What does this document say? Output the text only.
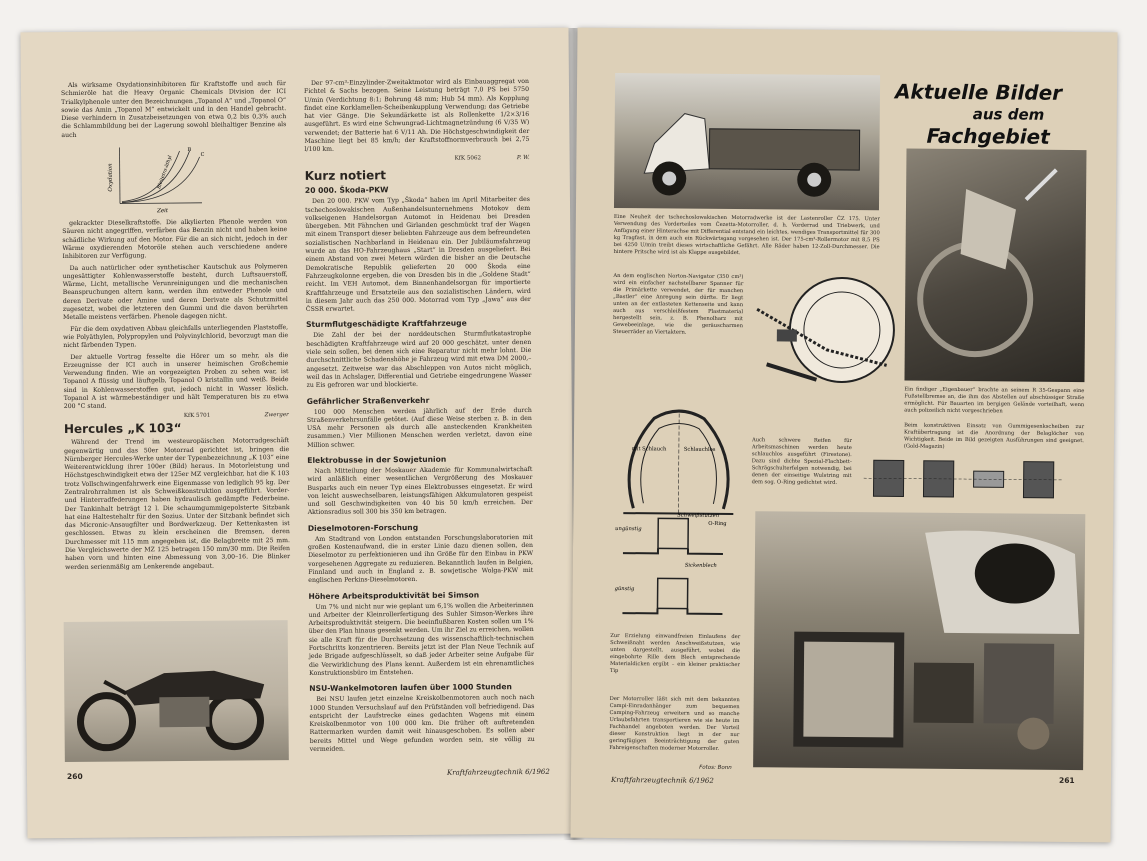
Als wirksame Oxydationsinhibitoren für Kraftstoffe und auch für Schmieröle hat die Heavy Organic Chemicals Division der ICI Trialkylphenole unter den Bezeichnungen „Topanol A“ und „Topanol O“ sowie das Amin „Topanol M“ entwickelt und in den Handel gebracht. Diese verhindern in Zusatzbeisetzungen von etwa 0,2 bis 0,3% auch die Schlammbildung bei der Lagerung sowohl bleihaltiger Benzine als auch

Oxydation
Zeit
Bleitetra-äthyl
B
C

gekrackter Dieselkraftstoffe. Die alkylierten Phenole werden von Säuren nicht angegriffen, verfärben das Benzin nicht und haben keine schädliche Wirkung auf den Motor. Für die an sich nicht, jedoch in der Wärme oxydierenden Motoröle stehen auch verschiedene andere Inhibitoren zur Verfügung.

Da auch natürlicher oder synthetischer Kautschuk aus Polymeren ungesättigter Kohlenwasserstoffe besteht, durch Luftsauerstoff, Wärme, Licht, metallische Verunreinigungen und die mechanischen Beanspruchungen altern kann, werden ihm entweder Phenole und deren Derivate oder Amine und deren Derivate als Schutzmittel zugesetzt, wobei die letzteren den Gummi und die davon berührten Metalle meistens verfärben. Phenole dagegen nicht.

Für die dem oxydativen Abbau gleichfalls unterliegenden Plaststoffe, wie Polyäthylen, Polypropylen und Polyvinylchlorid, bevorzugt man die nicht färbenden Typen.

Der aktuelle Vortrag fesselte die Hörer um so mehr, als die Erzeugnisse der ICI auch in unserer heimischen Großchemie Verwendung finden. Wie an vorgezeigten Proben zu sehen war, ist Topanol A flüssig und läuftgelb, Topanol O kristallin und weiß. Beide sind in Kohlenwasserstoffen gut, jedoch nicht in Wasser löslich. Topanol A ist wärmebeständiger und hält Temperaturen bis zu etwa 200 °C stand.

KfK 5701	Zwerger
Hercules „K 103“

Während der Trend im westeuropäischen Motorradgeschäft gegenwärtig und das 50er Motorrad gerichtet ist, bringen die Nürnberger Hercules-Werke unter der Typenbezeichnung „K 103“ eine Weiterentwicklung ihrer 100er (Bild) heraus. In Motorleistung und Höchstgeschwindigkeit etwa der 125er MZ vergleichbar, hat die K 103 trotz Vollschwingenfahrwerk eine Eigenmasse von lediglich 95 kg. Der Zentralrohrrahmen ist als Schweißkonstruktion ausgeführt. Vorder- und Hinterradfederungen haben hydraulisch gedämpfte Federbeine. Der Tankinhalt beträgt 12 l. Die schaumgummigepolsterte Sitzbank hat eine Haltestehaltr für den Sozius. Unter der Sitzbank befindet sich das Micronic-Ansaugfilter und Bordwerkzeug. Der Kettenkasten ist geschlossen. Etwas zu klein erscheinen die Bremsen, deren Durchmesser mit 115 mm angegeben ist, die Belagbreite mit 25 mm. Die Vergleichswerte der MZ 125 betragen 150 mm/30 mm. Die Reifen haben vorn und hinten eine Abmessung von 3,00–16. Die Blinker werden serienmäßig am Lenkerende angebaut.

Der 97-cm³-Einzylinder-Zweitaktmotor wird als Einbauaggregat von Fichtel & Sachs bezogen. Seine Leistung beträgt 7,0 PS bei 5750 U/min (Verdichtung 8:1; Bohrung 48 mm; Hub 54 mm). Als Kopplung findet eine Korklamellen-Scheibenkupplung Verwendung; das Getriebe hat vier Gänge. Die Sekundärkette ist als Rollenkette 1/2×3/16 ausgeführt. Es wird eine Schwungrad-Lichtmagnetzündung (6 V/35 W) verwendet; der Batterie hat 6 V/11 Ah. Die Höchstgeschwindigkeit der Maschine liegt bei 85 km/h; der Kraftstoffnormverbrauch bei 2,75 l/100 km.

KfK 5062	P. W.
Kurz notiert
20 000. Škoda-PKW

Den 20 000. PKW vom Typ „Škoda“ haben im April Mitarbeiter des tschechoslowakischen Außenhandelsunternehmens Motokov dem volkseigenen Handelsorgan Automot in Heidenau bei Dresden übergeben. Mit Fähnchen und Girlanden geschmückt traf der Wagen mit einem Transport dieser beliebten Fahrzeuge aus dem befreundeten sozialistischen Nachbarland in Heidenau ein. Der Jubiläumsfahrzeug wurde an das HO-Fahrzeughaus „Start“ in Dresden ausgeliefert. Bei einem Abstand von zwei Metern würden die bisher an die Deutsche Demokratische Republik gelieferten 20 000 Škoda eine Fahrzeugkolonne ergeben, die von Dresden bis in die „Goldene Stadt“ reicht. Im VEH Automot, dem Binnenhandelsorgan für importierte Kraftfahrzeuge und Ersatzteile aus den sozialistischen Ländern, wird in diesem Jahr auch das 250 000. Motorrad vom Typ „Jawa“ aus der ČSSR erwartet.

Sturmflutgeschädigte Kraftfahrzeuge

Die Zahl der bei der norddeutschen Sturmflutkatastrophe beschädigten Kraftfahrzeuge wird auf 20 000 geschätzt, unter denen viele sein sollen, bei denen sich eine Reparatur nicht mehr lohnt. Die durchschnittliche Schadenshöhe je Fahrzeug wird mit etwa DM 2000,– angesetzt. Zeitweise war das Abschleppen von Autos nicht möglich, weil das in Achslager, Differential und Getriebe eingedrungene Wasser zu Eis gefroren war und blockierte.

Gefährlicher Straßenverkehr

100 000 Menschen werden jährlich auf der Erde durch Straßenverkehrsunfälle getötet. (Auf diese Weise sterben z. B. in den USA mehr Personen als durch alle ansteckenden Krankheiten zusammen.) Vier Millionen Menschen werden verletzt, davon eine Million schwer.

Elektrobusse in der Sowjetunion

Nach Mitteilung der Moskauer Akademie für Kommunalwirtschaft wird anläßlich einer wesentlichen Vergrößerung des Moskauer Busparks auch ein neuer Typ eines Elektrobusses eingesetzt. Er wird von leicht auswechselbaren, leistungsfähigen Akkumulatoren gespeist und soll Geschwindigkeiten von 40 bis 50 km/h erreichen. Der Aktionsradius soll 300 bis 350 km betragen.

Dieselmotoren-Forschung

Am Stadtrand von London entstanden Forschungslaboratorien mit großen Kostenaufwand, die in erster Linie dazu dienen sollen, den Dieselmotor zu perfektionieren und ihn Größe für den Einbau in PKW vorgesehenen Aggregate zu reduzieren. Bekanntlich laufen in Belgien, Finnland und auch in England z. B. sowjetische Wolga-PKW mit englischen Perkins-Dieselmotoren.

Höhere Arbeitsproduktivität bei Simson

Um 7% und nicht nur wie geplant um 6,1% wollen die Arbeiterinnen und Arbeiter der Kleinrollerfertigung des Suhler Simson-Werkes ihre Arbeitsproduktivität steigern. Die beeinflußbaren Kosten sollen um 1% über den Plan hinaus gesenkt werden. Um ihr Ziel zu erreichen, wollen sie alle Kraft für die Durchsetzung des wissenschaftlich-technischen Fortschritts konzentrieren. Bereits jetzt ist der Plan Neue Technik auf jede Brigade aufgeschlüsselt, so daß jeder Arbeiter seine Aufgabe für die Verwirklichung des Plans kennt. Außerdem ist ein ehrenamtliches Konstruktionsbüro im Entstehen.

NSU-Wankelmotoren laufen über 1000 Stunden

Bei NSU laufen jetzt einzelne Kreiskolbenmotoren auch noch nach 1000 Stunden Versuchslauf auf den Prüfständen voll befriedigend. Das entspricht der Laufstrecke eines gedachten Wagens mit einem Kreiskolbenmotor von 100 000 km. Die früher oft auftretenden Rattermarken wurden damit weit hinausgeschoben. Es sollen aber bereits Mittel und Wege gefunden worden sein, sie völlig zu vermeiden.

260	Kraftfahrzeugtechnik 6/1962
Aktuelle Bilder
aus dem
Fachgebiet
Eine Neuheit der tschechoslowakischen Motorradwerke ist der Lastenroller ČZ 175. Unter Verwendung des Vorderteiles vom Čezetta-Motorroller, d. h. Vorderrad und Triebwerk, und Anfügung einer Hinterachse mit Differential entstand ein leichtes, wendiges Transportmittel für 300 kg Tragfast, in dem auch ein Rückwärtsgang vorgesehen ist. Der 175-cm³-Rollermotor mit 8,5 PS bei 4250 U/min treibt dieses wirtschaftliche Gefährt. Alle Räder haben 12-Zoll-Durchmesser. Die hintere Pritsche wird ist als Klappe ausgebildet.
An dem englischen Norton-Navigator (350 cm³) wird ein einfacher nachstellbarer Spanner für die Primärkette verwendet, der für manchen „Bastler“ eine Anregung sein dürfte. Er liegt unten an der entlasteten Kettenseite und kann auch aus verschleißfestem Plastmaterial hergestellt sein, z. B. Phenolharz mit Gewebeeinlage, wie die geräuscharmen Steuerräder an Viertaktern.
Ein findiger „Eigenbauer“ brachte an seinem R 35-Gespann eine Fußstellbremse an, die ihm das Abstellen auf abschüssiger Straße ermöglicht. Für Bauarten im bergigen Gelände vorteilhaft, wenn auch polizeilich nicht vorgeschrieben
Beim konstruktiven Einsatz von Gummigesenkscheiben zur Kraftübertragung ist die Anordnung der Belaglöcher von Wichtigkeit. Beide im Bild gezeigten Ausführungen sind geeignet. (Gold-Magazin)
mit Schlauch	Schlauchlos
O-Ring
Auch schwere Reifen für Arbeitsmaschinen werden heute schlauchlos ausgeführt (Firestone). Dazu sind dichte Spezial-Flachbett-Schrägschulterfelgen notwendig, bei denen der einseitige Wulstring mit dem sog. O-Ring gedichtet wird.
Schweißstutzen
ungünstig
Sickenblech
günstig
Zur Erzielung einwandfreien Einlaufens der Schweißnaht werden Anschweißstutzen, wie unten dargestellt, ausgeführt, wobei die eingebohrte Rille dem Blech entsprechende Materialdicken ergibt – ein kleiner praktischer Tip
Der Motorroller läßt sich mit dem bekannten Campi-Einradanhänger zum bequemen Camping-Fahrzeug erweitern und so manche Urlaubsfahrten transportieren wie sie heute im Fachhandel angeboten werden. Der Vorteil dieser Konstruktion liegt in der nur geringfügigen Beeinträchtigung der guten Fahreigenschaften moderner Motorroller.
Fotos: Bonn
Kraftfahrzeugtechnik 6/1962	261
